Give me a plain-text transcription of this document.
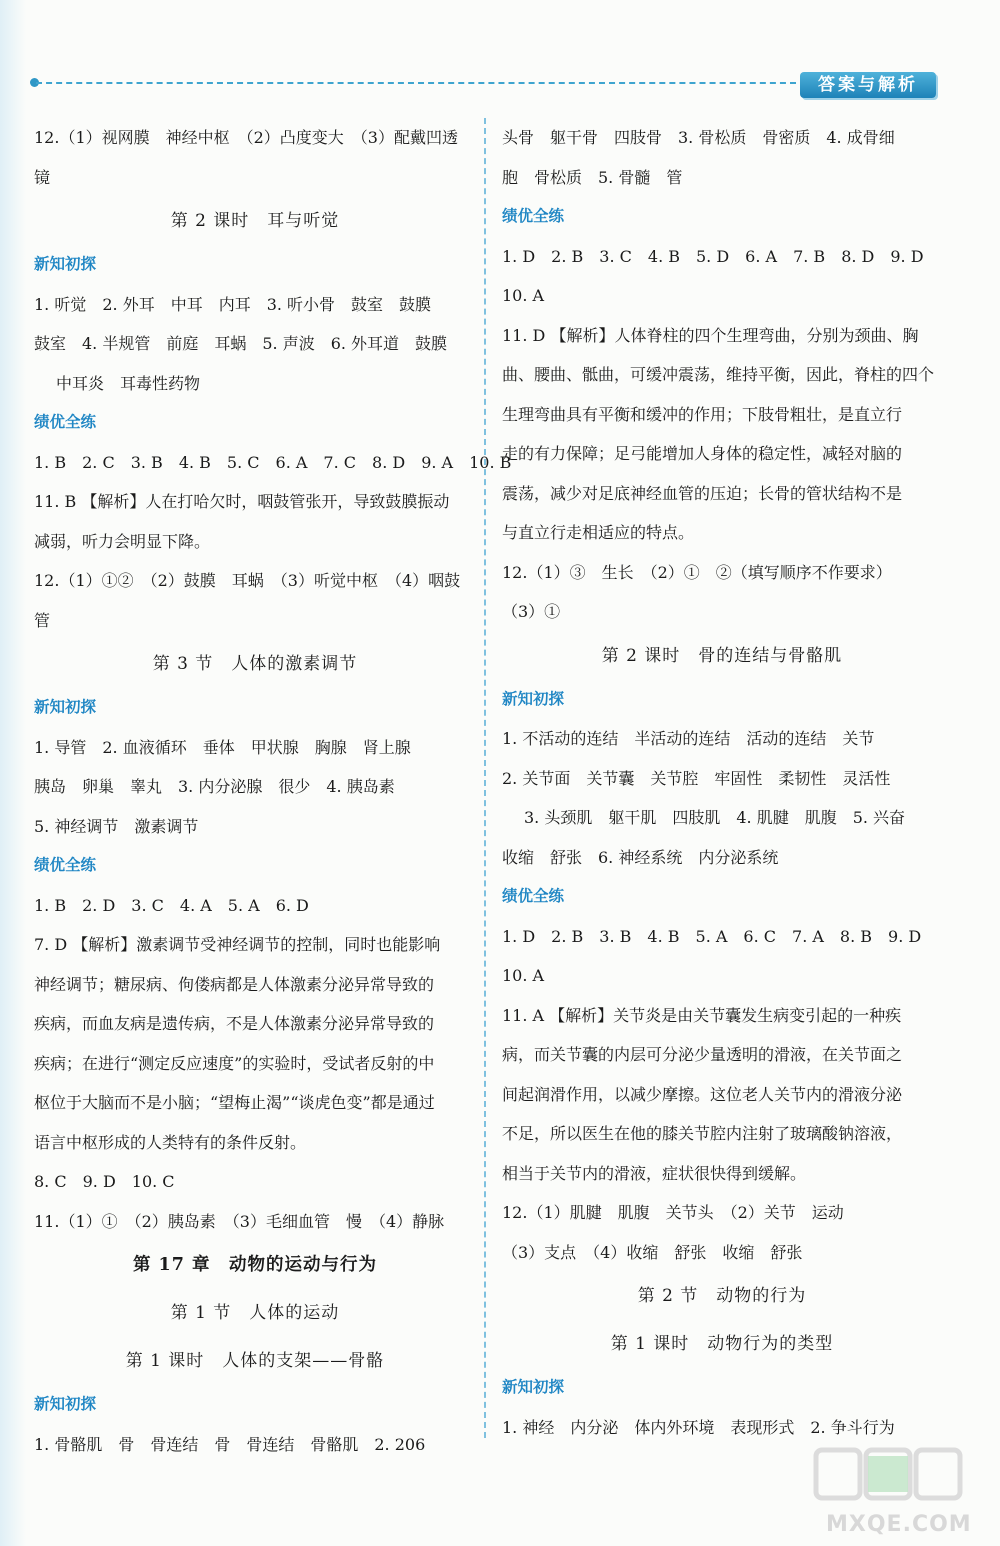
答案与解析
12.（1）视网膜　神经中枢　（2）凸度变大　（3）配戴凹透
镜
第 2 课时　耳与听觉
新知初探
1. 听觉　2. 外耳　中耳　内耳　3. 听小骨　鼓室　鼓膜
鼓室　4. 半规管　前庭　耳蜗　5. 声波　6. 外耳道　鼓膜
中耳炎　耳毒性药物
绩优全练
1. B　2. C　3. B　4. B　5. C　6. A　7. C　8. D　9. A　10. B
11. B 【解析】人在打哈欠时，咽鼓管张开，导致鼓膜振动
减弱，听力会明显下降。
12.（1）①②　（2）鼓膜　耳蜗　（3）听觉中枢　（4）咽鼓
管
第 3 节　人体的激素调节
新知初探
1. 导管　2. 血液循环　垂体　甲状腺　胸腺　肾上腺
胰岛　卵巢　睾丸　3. 内分泌腺　很少　4. 胰岛素
5. 神经调节　激素调节
绩优全练
1. B　2. D　3. C　4. A　5. A　6. D
7. D 【解析】激素调节受神经调节的控制，同时也能影响
神经调节；糖尿病、佝偻病都是人体激素分泌异常导致的
疾病，而血友病是遗传病，不是人体激素分泌异常导致的
疾病；在进行“测定反应速度”的实验时，受试者反射的中
枢位于大脑而不是小脑；“望梅止渴”“谈虎色变”都是通过
语言中枢形成的人类特有的条件反射。
8. C　9. D　10. C
11.（1）①　（2）胰岛素　（3）毛细血管　慢　（4）静脉
第 17 章　动物的运动与行为
第 1 节　人体的运动
第 1 课时　人体的支架——骨骼
新知初探
1. 骨骼肌　骨　骨连结　骨　骨连结　骨骼肌　2. 206
头骨　躯干骨　四肢骨　3. 骨松质　骨密质　4. 成骨细
胞　骨松质　5. 骨髓　管
绩优全练
1. D　2. B　3. C　4. B　5. D　6. A　7. B　8. D　9. D
10. A
11. D 【解析】人体脊柱的四个生理弯曲，分别为颈曲、胸
曲、腰曲、骶曲，可缓冲震荡，维持平衡，因此，脊柱的四个
生理弯曲具有平衡和缓冲的作用；下肢骨粗壮，是直立行
走的有力保障；足弓能增加人身体的稳定性，减轻对脑的
震荡，减少对足底神经血管的压迫；长骨的管状结构不是
与直立行走相适应的特点。
12.（1）③　生长　（2）①　②（填写顺序不作要求）
（3）①
第 2 课时　骨的连结与骨骼肌
新知初探
1. 不活动的连结　半活动的连结　活动的连结　关节
2. 关节面　关节囊　关节腔　牢固性　柔韧性　灵活性
3. 头颈肌　躯干肌　四肢肌　4. 肌腱　肌腹　5. 兴奋
收缩　舒张　6. 神经系统　内分泌系统
绩优全练
1. D　2. B　3. B　4. B　5. A　6. C　7. A　8. B　9. D
10. A
11. A 【解析】关节炎是由关节囊发生病变引起的一种疾
病，而关节囊的内层可分泌少量透明的滑液，在关节面之
间起润滑作用，以减少摩擦。这位老人关节内的滑液分泌
不足，所以医生在他的膝关节腔内注射了玻璃酸钠溶液，
相当于关节内的滑液，症状很快得到缓解。
12.（1）肌腱　肌腹　关节头　（2）关节　运动
（3）支点　（4）收缩　舒张　收缩　舒张
第 2 节　动物的行为
第 1 课时　动物行为的类型
新知初探
1. 神经　内分泌　体内外环境　表现形式　2. 争斗行为
MXQE.COM
